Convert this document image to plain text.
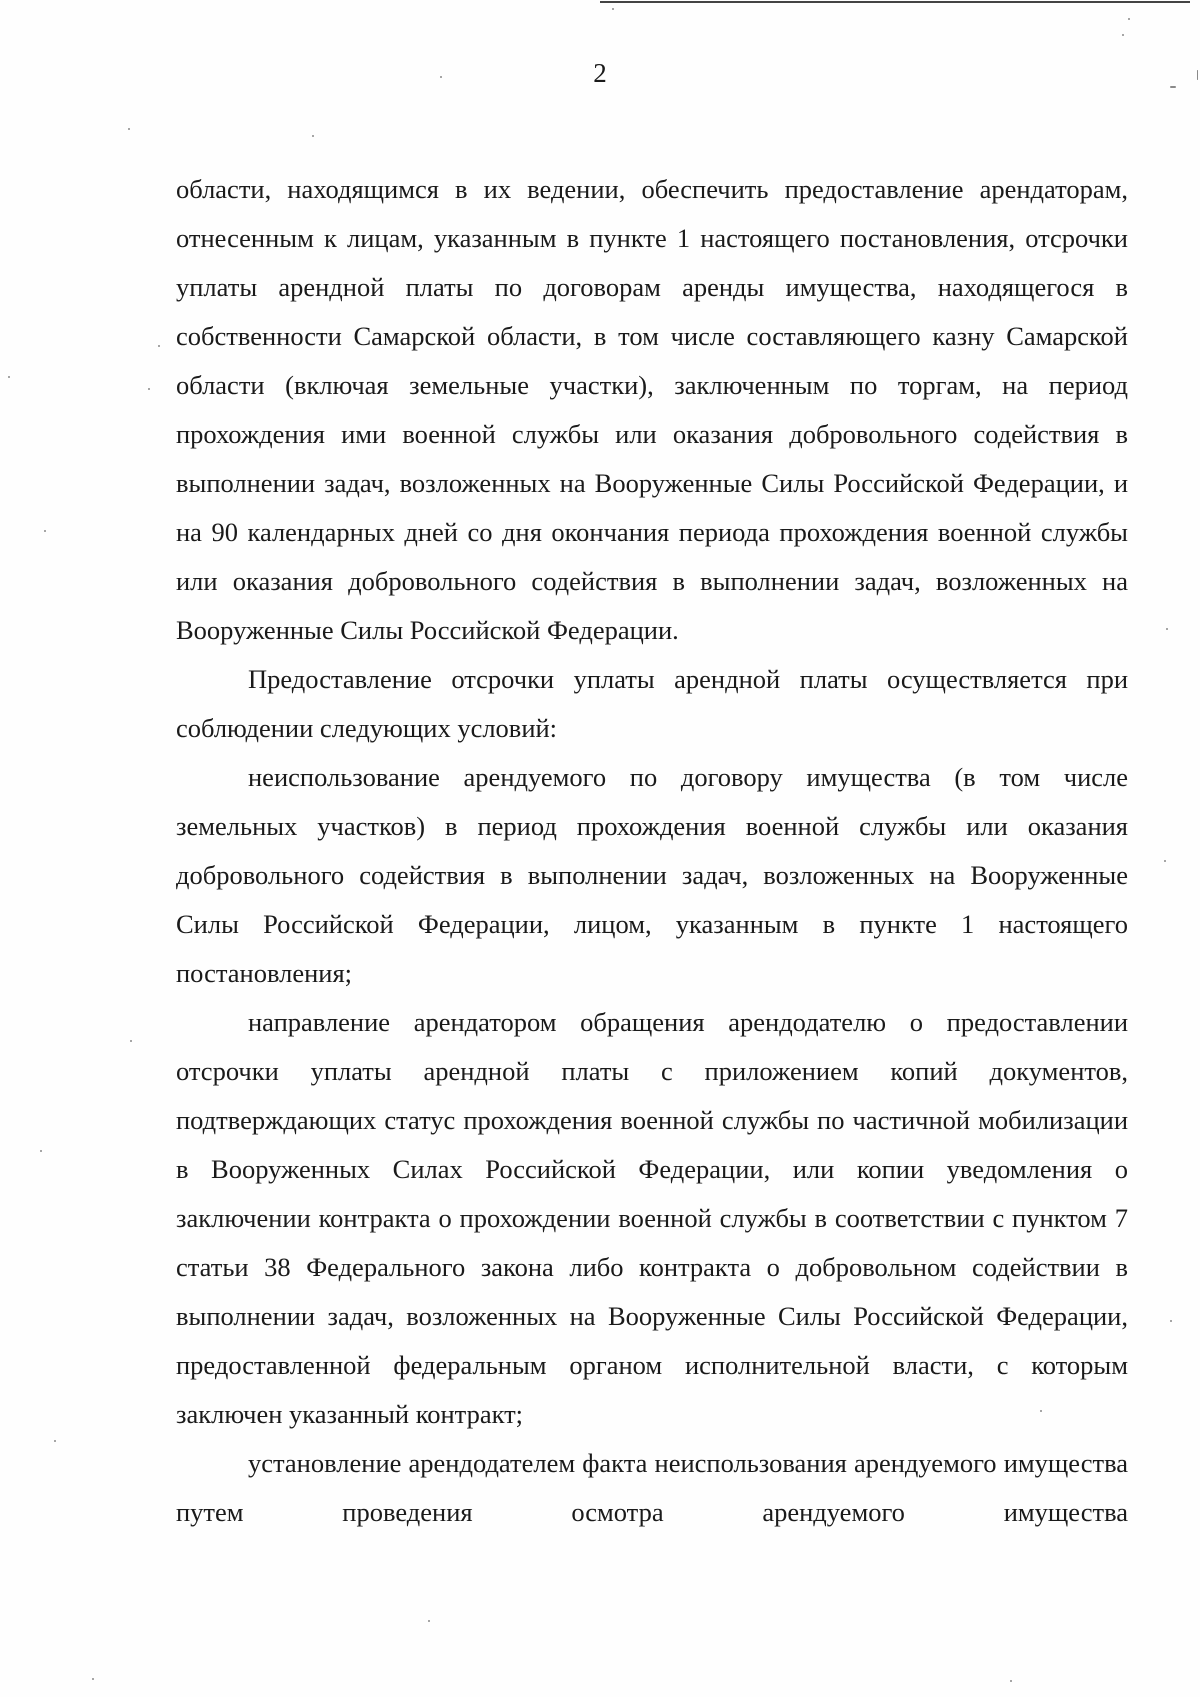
2

области, находящимся в их ведении, обеспечить предоставление арендаторам, отнесенным к лицам, указанным в пункте 1 настоящего постановления, отсрочки уплаты арендной платы по договорам аренды имущества, находящегося в собственности Самарской области, в том числе составляющего казну Самарской области (включая земельные участки), заключенным по торгам, на период прохождения ими военной службы или оказания добровольного содействия в выполнении задач, возложенных на Вооруженные Силы Российской Федерации, и на 90 календарных дней со дня окончания периода прохождения военной службы или оказания добровольного содействия в выполнении задач, возложенных на Вооруженные Силы Российской Федерации.

Предоставление отсрочки уплаты арендной платы осуществляется при соблюдении следующих условий:

неиспользование арендуемого по договору имущества (в том числе земельных участков) в период прохождения военной службы или оказания добровольного содействия в выполнении задач, возложенных на Вооруженные Силы Российской Федерации, лицом, указанным в пункте 1 настоящего постановления;

направление арендатором обращения арендодателю о предоставлении отсрочки уплаты арендной платы с приложением копий документов, подтверждающих статус прохождения военной службы по частичной мобилизации в Вооруженных Силах Российской Федерации, или копии уведомления о заключении контракта о прохождении военной службы в соответствии с пунктом 7 статьи 38 Федерального закона либо контракта о добровольном содействии в выполнении задач, возложенных на Вооруженные Силы Российской Федерации, предоставленной федеральным органом исполнительной власти, с которым заключен указанный контракт;

установление арендодателем факта неиспользования арендуемого имущества путем проведения осмотра арендуемого имущества
